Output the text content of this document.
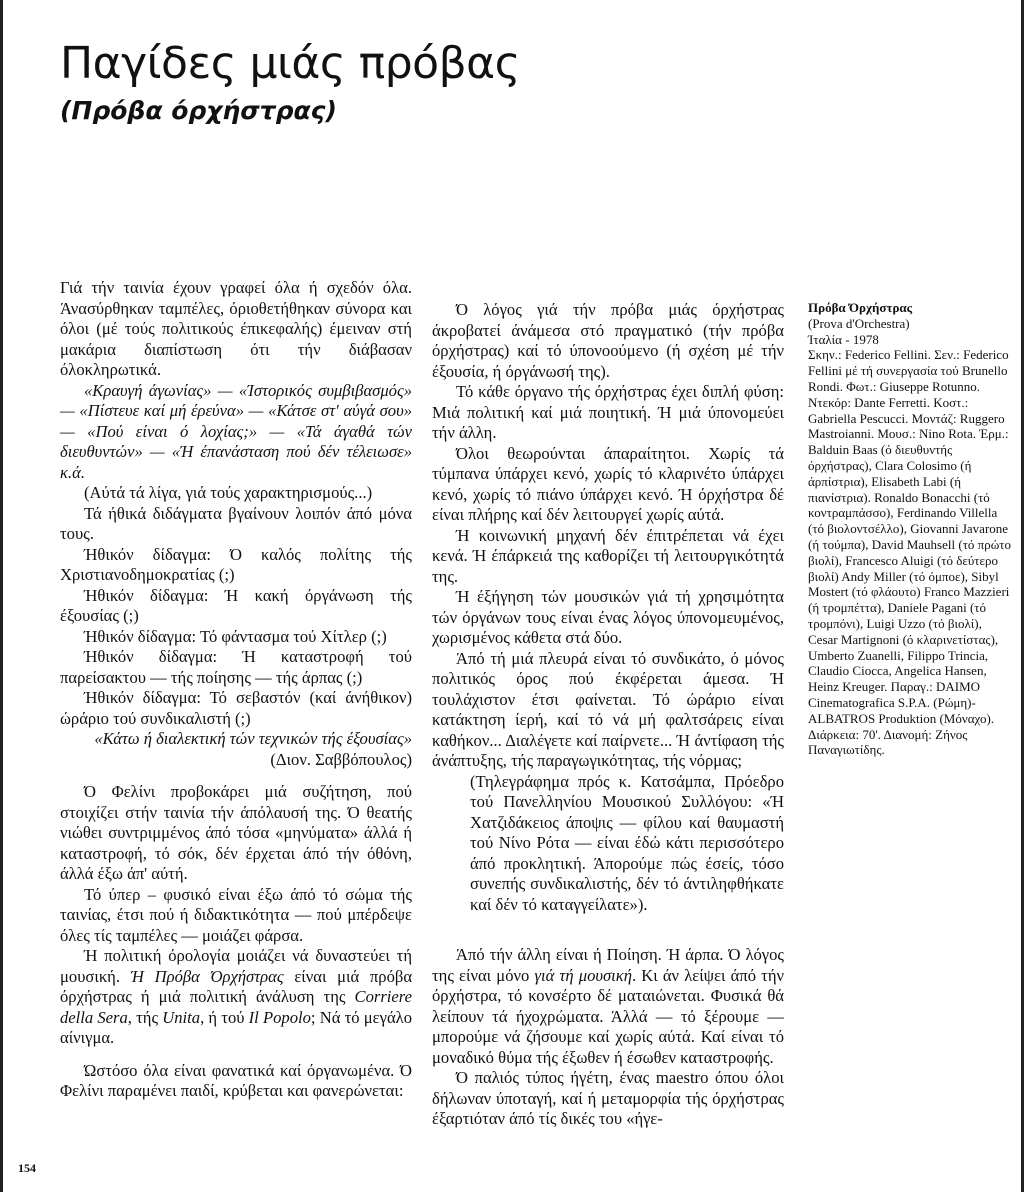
Παγίδες μιάς πρόβας
(Πρόβα όρχήστρας)

Γιά τήν ταινία έχουν γραφεί όλα ή σχεδόν όλα. Άνασύρθηκαν ταμπέλες, όριοθετήθηκαν σύνορα και όλοι (μέ τούς πολιτικούς έπικεφαλής) έμειναν στή μακάρια διαπίστωση ότι τήν διάβασαν όλοκληρωτικά.

«Κραυγή άγωνίας» — «Ίστορικός συμβιβασμός» — «Πίστευε καί μή έρεύνα» — «Κάτσε στ' αύγά σου» — «Πού είναι ό λοχίας;» — «Τά άγαθά τών διευθυντών» — «Ή έπανάσταση πού δέν τέλειωσε» κ.ά.

(Αύτά τά λίγα, γιά τούς χαρακτηρισμούς...)

Τά ήθικά διδάγματα βγαίνουν λοιπόν άπό μόνα τους.

Ήθικόν δίδαγμα: Ό καλός πολίτης τής Χριστιανοδημοκρατίας (;)

Ήθικόν δίδαγμα: Ή κακή όργάνωση τής έξουσίας (;)

Ήθικόν δίδαγμα: Τό φάντασμα τού Χίτλερ (;)

Ήθικόν δίδαγμα: Ή καταστροφή τού παρείσακτου — τής ποίησης — τής άρπας (;)

Ήθικόν δίδαγμα: Τό σεβαστόν (καί άνήθικον) ώράριο τού συνδικαλιστή (;)

«Κάτω ή διαλεκτική τών τεχνικών τής έξουσίας»

(Διον. Σαββόπουλος)

Ό Φελίνι προβοκάρει μιά συζήτηση, πού στοιχίζει στήν ταινία τήν άπόλαυσή της. Ό θεατής νιώθει συντριμμένος άπό τόσα «μηνύματα» άλλά ή καταστροφή, τό σόκ, δέν έρχεται άπό τήν όθόνη, άλλά έξω άπ' αύτή.

Τό ύπερ – φυσικό είναι έξω άπό τό σώμα τής ταινίας, έτσι πού ή διδακτικότητα — πού μπέρδεψε όλες τίς ταμπέλες — μοιάζει φάρσα.

Ή πολιτική όρολογία μοιάζει νά δυναστεύει τή μουσική. Ή Πρόβα Όρχήστρας είναι μιά πρόβα όρχήστρας ή μιά πολιτική άνάλυση της Corriere della Sera, τής Unita, ή τού Il Popolo; Νά τό μεγάλο αίνιγμα.

Ώστόσο όλα είναι φανατικά καί όργανωμένα. Ό Φελίνι παραμένει παιδί, κρύβεται και φανερώνεται:

Ό λόγος γιά τήν πρόβα μιάς όρχήστρας άκροβατεί άνάμεσα στό πραγματικό (τήν πρόβα όρχήστρας) καί τό ύπονοούμενο (ή σχέση μέ τήν έξουσία, ή όργάνωσή της).

Τό κάθε όργανο τής όρχήστρας έχει διπλή φύση: Μιά πολιτική καί μιά ποιητική. Ή μιά ύπονομεύει τήν άλλη.

Όλοι θεωρούνται άπαραίτητοι. Χωρίς τά τύμπανα ύπάρχει κενό, χωρίς τό κλαρινέτο ύπάρχει κενό, χωρίς τό πιάνο ύπάρχει κενό. Ή όρχήστρα δέ είναι πλήρης καί δέν λειτουργεί χωρίς αύτά.

Ή κοινωνική μηχανή δέν έπιτρέπεται νά έχει κενά. Ή έπάρκειά της καθορίζει τή λειτουργικότητά της.

Ή έξήγηση τών μουσικών γιά τή χρησιμότητα τών όργάνων τους είναι ένας λόγος ύπονομευμένος, χωρισμένος κάθετα στά δύο.

Άπό τή μιά πλευρά είναι τό συνδικάτο, ό μόνος πολιτικός όρος πού έκφέρεται άμεσα. Ή τουλάχιστον έτσι φαίνεται. Τό ώράριο είναι κατάκτηση ίερή, καί τό νά μή φαλτσάρεις είναι καθήκον... Διαλέγετε καί παίρνετε... Ή άντίφαση τής άνάπτυξης, τής παραγωγικότητας, τής νόρμας;

(Τηλεγράφημα πρός κ. Κατσάμπα, Πρόεδρο τού Πανελληνίου Μουσικού Συλλόγου: «Ή Χατζιδάκειος άποψις — φίλου καί θαυμαστή τού Νίνο Ρότα — είναι έδώ κάτι περισσότερο άπό προκλητική. Άπορούμε πώς έσείς, τόσο συνεπής συνδικαλιστής, δέν τό άντιληφθήκατε καί δέν τό καταγγείλατε»).

Άπό τήν άλλη είναι ή Ποίηση. Ή άρπα. Ό λόγος της είναι μόνο γιά τή μουσική. Κι άν λείψει άπό τήν όρχήστρα, τό κονσέρτο δέ ματαιώνεται. Φυσικά θά λείπουν τά ήχοχρώματα. Άλλά — τό ξέρουμε — μπορούμε νά ζήσουμε καί χωρίς αύτά. Καί είναι τό μοναδικό θύμα τής έξωθεν ή έσωθεν καταστροφής.

Ό παλιός τύπος ήγέτη, ένας maestro όπου όλοι δήλωναν ύποταγή, καί ή μεταμορφία τής όρχήστρας έξαρτιόταν άπό τίς δικές του «ήγε-

Πρόβα Όρχήστρας

(Prova d'Orchestra)

Ίταλία - 1978

Σκην.: Federico Fellini. Σεν.: Federico Fellini μέ τή συνεργασία τού Brunello Rondi. Φωτ.: Giuseppe Rotunno. Ντεκόρ: Dante Ferretti. Κοστ.: Gabriella Pescucci. Μοντάζ: Ruggero Mastroianni. Μουσ.: Nino Rota. Έρμ.: Balduin Baas (ό διευθυντής όρχήστρας), Clara Colosimo (ή άρπίστρια), Elisabeth Labi (ή πιανίστρια). Ronaldo Bonacchi (τό κοντραμπάσσο), Ferdinando Villella (τό βιολοντσέλλο), Giovanni Javarone (ή τούμπα), David Mauhsell (τό πρώτο βιολί), Francesco Aluigi (τό δεύτερο βιολί) Andy Miller (τό όμποε), Sibyl Mostert (τό φλάουτο) Franco Mazzieri (ή τρομπέττα), Daniele Pagani (τό τρομπόνι), Luigi Uzzo (τό βιολί), Cesar Martignoni (ό κλαρινετίστας), Umberto Zuanelli, Filippo Trincia, Claudio Ciocca, Angelica Hansen, Heinz Kreuger. Παραγ.: DAIMO Cinematografica S.P.A. (Ρώμη)-ALBATROS Produktion (Μόναχο). Διάρκεια: 70'. Διανομή: Ζήνος Παναγιωτίδης.

154
